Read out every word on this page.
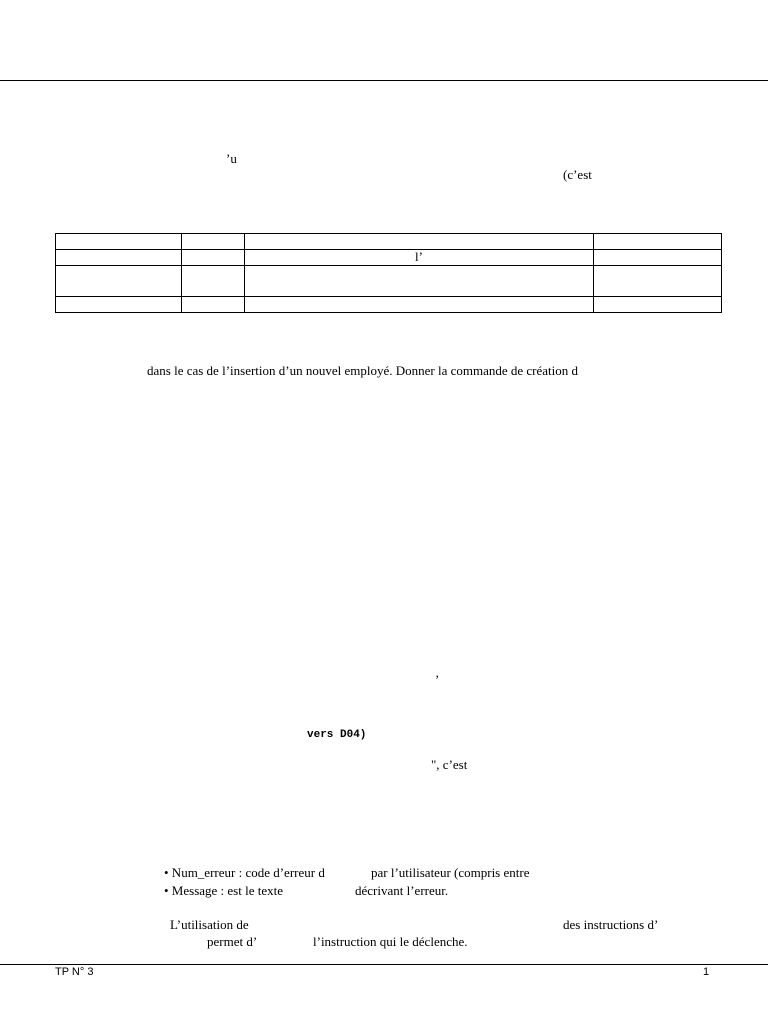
’u
(c’est

		l’	

dans le cas de l’insertion d’un nouvel employé. Donner la commande de création d
’
vers D04)
", c’est
• Num_erreur : code d’erreur d	par l’utilisateur (compris entre
• Message : est le texte	décrivant l’erreur.
L’utilisation de	des instructions d’
permet d’	l’instruction qui le déclenche.
TP N° 3	1
